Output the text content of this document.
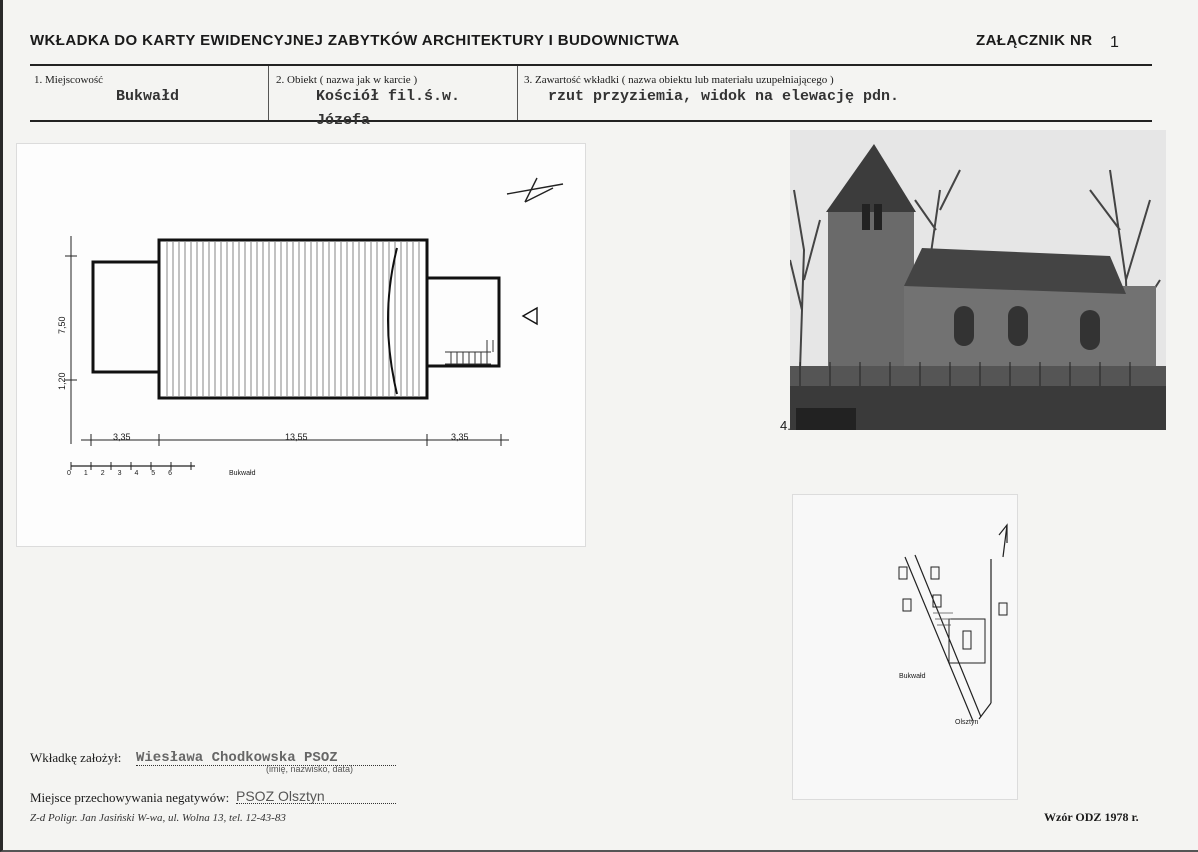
WKŁADKA DO KARTY EWIDENCYJNEJ ZABYTKÓW ARCHITEKTURY I BUDOWNICTWA	ZAŁĄCZNIK NR 1
1. Miejscowość
Bukwałd
2. Obiekt ( nazwa jak w karcie )
Kościół fil.ś.w.
Józefa
3. Zawartość wkładki ( nazwa obiektu lub materiału uzupełniającego )
rzut przyziemia, widok na elewację pdn.
3,35	13,55	3,35
7,50
1,20
0 1 2 3 4 5 6	Bukwałd
4.
Bukwałd
Olsztyn
Wkładkę założył: Wiesława Chodkowska PSOZ
(imię, nazwisko, data)
Miejsce przechowywania negatywów: PSOZ Olsztyn
Z-d Poligr. Jan Jasiński W-wa, ul. Wolna 13, tel. 12-43-83	Wzór ODZ 1978 r.
